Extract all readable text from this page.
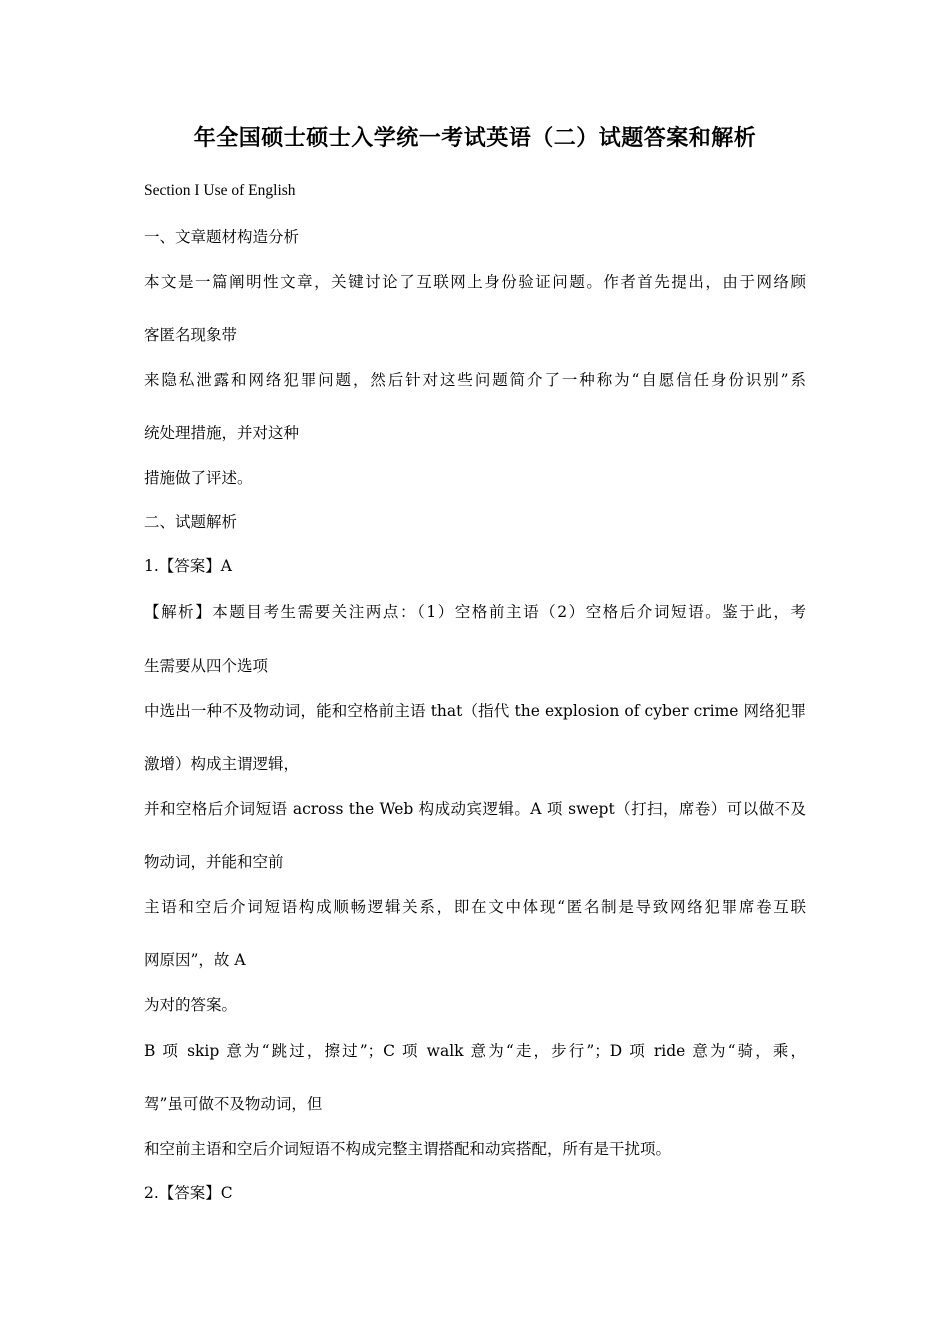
年全国硕士硕士入学统一考试英语（二）试题答案和解析
Section I Use of English
一、文章题材构造分析
本文是一篇阐明性文章，关键讨论了互联网上身份验证问题。作者首先提出，由于网络顾
客匿名现象带
来隐私泄露和网络犯罪问题，然后针对这些问题简介了一种称为“自愿信任身份识别”系
统处理措施，并对这种
措施做了评述。
二、试题解析
1.【答案】A
【解析】本题目考生需要关注两点：（1）空格前主语（2）空格后介词短语。鉴于此，考
生需要从四个选项
中选出一种不及物动词，能和空格前主语 that（指代 the explosion of cyber crime 网络犯罪
激增）构成主谓逻辑，
并和空格后介词短语 across the Web 构成动宾逻辑。A 项 swept（打扫，席卷）可以做不及
物动词，并能和空前
主语和空后介词短语构成顺畅逻辑关系，即在文中体现“匿名制是导致网络犯罪席卷互联
网原因”，故 A
为对的答案。
B 项 skip 意为“跳过，擦过”；C 项 walk 意为“走，步行”；D 项 ride 意为“骑，乘，
驾”虽可做不及物动词，但
和空前主语和空后介词短语不构成完整主谓搭配和动宾搭配，所有是干扰项。
2.【答案】C
